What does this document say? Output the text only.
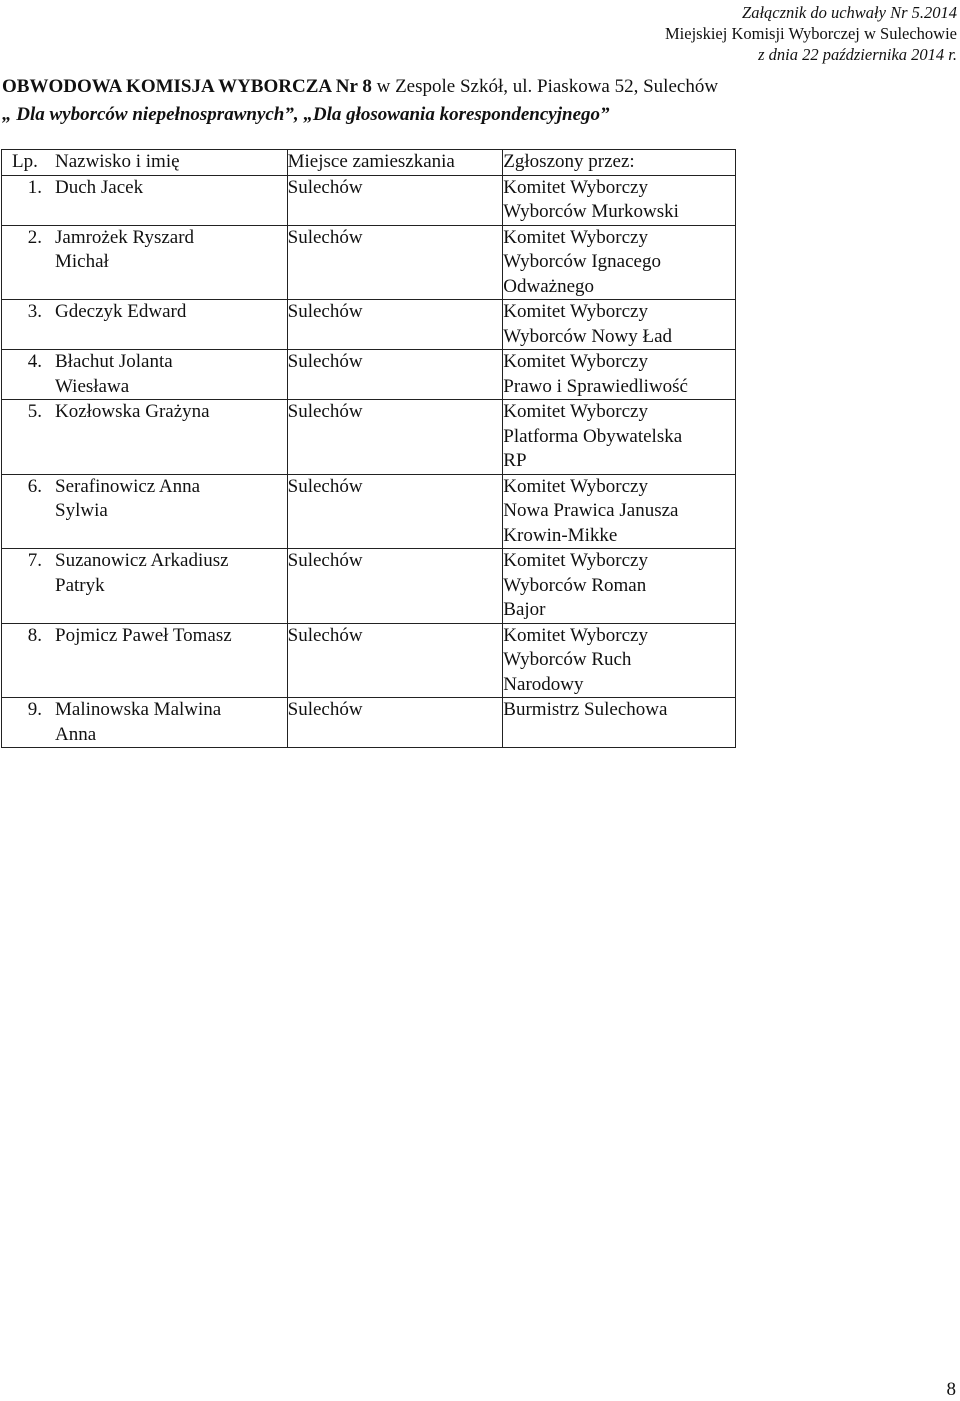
Załącznik do uchwały Nr 5.2014
Miejskiej Komisji Wyborczej w Sulechowie
z dnia 22 października 2014 r.
OBWODOWA KOMISJA WYBORCZA Nr 8 w Zespole Szkół, ul. Piaskowa 52, Sulechów
„ Dla wyborców niepełnosprawnych”, „Dla głosowania korespondencyjnego”
Lp. Nazwisko i imię	Miejsce zamieszkania	Zgłoszony przez:

1. Duch Jacek	Sulechów	Komitet Wyborczy
Wyborców Murkowski

2. Jamrożek Ryszard
Michał	Sulechów	Komitet Wyborczy
Wyborców Ignacego
Odważnego

3. Gdeczyk Edward	Sulechów	Komitet Wyborczy
Wyborców Nowy Ład

4. Błachut Jolanta
Wiesława	Sulechów	Komitet Wyborczy
Prawo i Sprawiedliwość

5. Kozłowska Grażyna	Sulechów	Komitet Wyborczy
Platforma Obywatelska
RP

6. Serafinowicz Anna
Sylwia	Sulechów	Komitet Wyborczy
Nowa Prawica Janusza
Krowin-Mikke

7. Suzanowicz Arkadiusz
Patryk	Sulechów	Komitet Wyborczy
Wyborców Roman
Bajor

8. Pojmicz Paweł Tomasz	Sulechów	Komitet Wyborczy
Wyborców Ruch
Narodowy

9. Malinowska Malwina
Anna	Sulechów	Burmistrz Sulechowa
8
